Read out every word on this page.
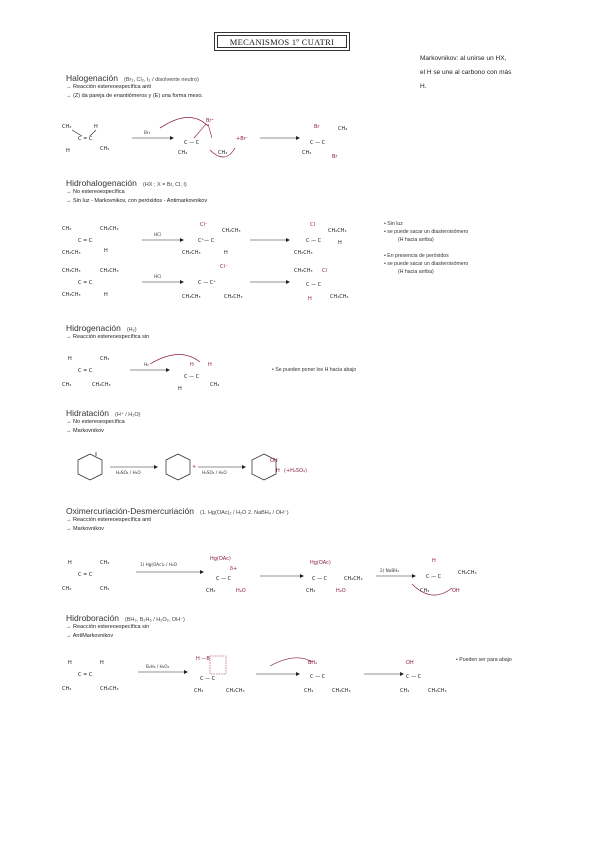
MECANISMOS 1º CUATRI
Markovnikov: al unirse un HX,
el H se une al carbono con más
H.
Halogenación (Br₂, Cl₂, I₂ / disolvente neutro)
→ Reacción estereoespecífica anti
→ (Z) da pareja de enantiómeros y (E) una forma meso.
CH₃
C = C
H
CH₃
H
Br₂
Br⁺
C — C
CH₃	CH₃
+Br⁻
C — C
Br
Br
CH₃
CH₃
Hidrohalogenación (HX ; X = Br, Cl, I)
→ No estereoespecífica
→ Sin luz - Markovnikov, con peróxidos - Antimarkovnikov
CH₃
C = C
CH₂CH₃
CH₃CH₃	H
HCl
Cl⁻
C⁺— C
CH₃CH₃
CH₂CH₃
H
Cl
C — C
CH₃CH₃
CH₂CH₃
H
CH₃CH₃
C = C
CH₂CH₃
CH₃CH₃	H
HCl
Cl⁻
C — C⁺
CH₃CH₃	CH₂CH₃
CH₃CH₃
C — C
Cl
H	CH₂CH₃
• Sin luz
• se puede sacar un diasteroisómero
(H hacia arriba)
• En presencia de peróxidos
• se puede sacar un diasteroisómero
(H hacia arriba)
Hidrogenación (H₂)
→ Reacción estereoespecífica sin
H
C = C
CH₃
CH₃	CH₂CH₃
H₂	H	H
C — C
H
CH₃
• Se pueden poner los H hacia abajo
Hidratación (H⁺ / H₂O)
→ No estereoespecífica
→ Markovnikov
H₂SO₄ / H₂O
+
H₂SO₄ / H₂O
OH
H (+H₂SO₄)
Oximercuriación-Desmercuriación (1. Hg(OAc)₂ / H₂O 2. NaBH₄ / OH⁻)
→ Reacción estereoespecífica anti
→ Markovnikov
H
C = C
CH₃
CH₃	CH₃
1) Hg(OAc)₂ / H₂O
Hg(OAc)
C — C
δ+
CH₃	H₂O
Hg(OAc)
C — C
CH₃	H₂O
CH₂CH₃
2) NaBH₄
H
C — C
CH₃	OH
CH₂CH₃
Hidroboración (BH₃, B₂H₆ / H₂O₂, OH⁻)
→ Reacción estereoespecífica sin
→ AntiMarkovnikov
H
C = C
H
CH₃	CH₂CH₃
B₂H₆ / H₂O₂
H —B
C — C
CH₃	CH₂CH₃
BH₂
C — C
CH₃	CH₂CH₃
OH
C — C
CH₃	CH₂CH₃
• Pueden ser para abajo
